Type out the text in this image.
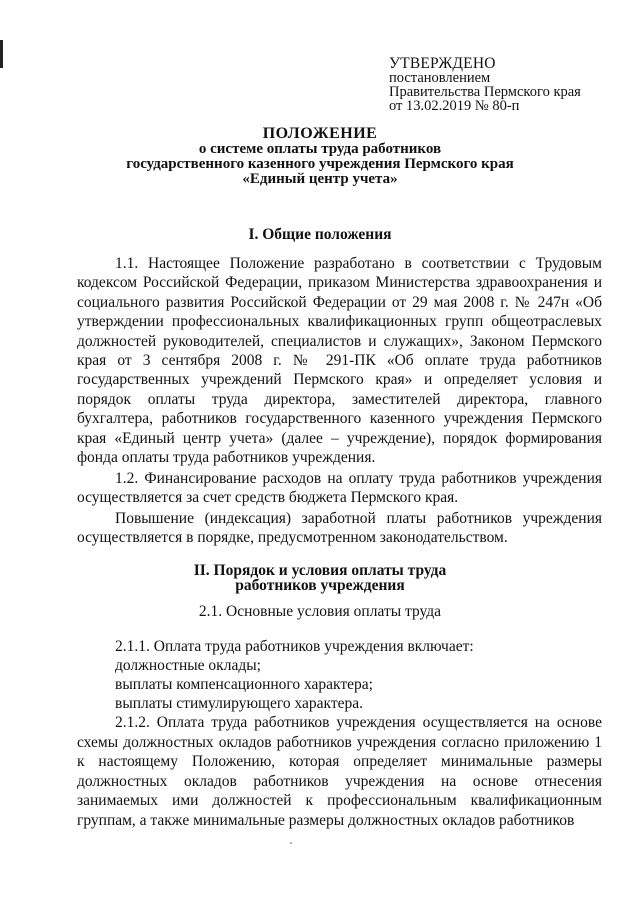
УТВЕРЖДЕНО
постановлением
Правительства Пермского края
от 13.02.2019 № 80-п
ПОЛОЖЕНИЕ
о системе оплаты труда работников
государственного казенного учреждения Пермского края
«Единый центр учета»
I. Общие положения

1.1. Настоящее Положение разработано в соответствии с Трудовым кодексом Российской Федерации, приказом Министерства здравоохранения и социального развития Российской Федерации от 29 мая 2008 г. № 247н «Об утверждении профессиональных квалификационных групп общеотраслевых должностей руководителей, специалистов и служащих», Законом Пермского края от 3 сентября 2008 г. № 291-ПК «Об оплате труда работников государственных учреждений Пермского края» и определяет условия и порядок оплаты труда директора, заместителей директора, главного бухгалтера, работников государственного казенного учреждения Пермского края «Единый центр учета» (далее – учреждение), порядок формирования фонда оплаты труда работников учреждения.

1.2. Финансирование расходов на оплату труда работников учреждения осуществляется за счет средств бюджета Пермского края.

Повышение (индексация) заработной платы работников учреждения осуществляется в порядке, предусмотренном законодательством.

II. Порядок и условия оплаты труда
работников учреждения
2.1. Основные условия оплаты труда
2.1.1. Оплата труда работников учреждения включает:
должностные оклады;
выплаты компенсационного характера;
выплаты стимулирующего характера.

2.1.2. Оплата труда работников учреждения осуществляется на основе схемы должностных окладов работников учреждения согласно приложению 1 к настоящему Положению, которая определяет минимальные размеры должностных окладов работников учреждения на основе отнесения занимаемых ими должностей к профессиональным квалификационным группам, а также минимальные размеры должностных окладов работников
